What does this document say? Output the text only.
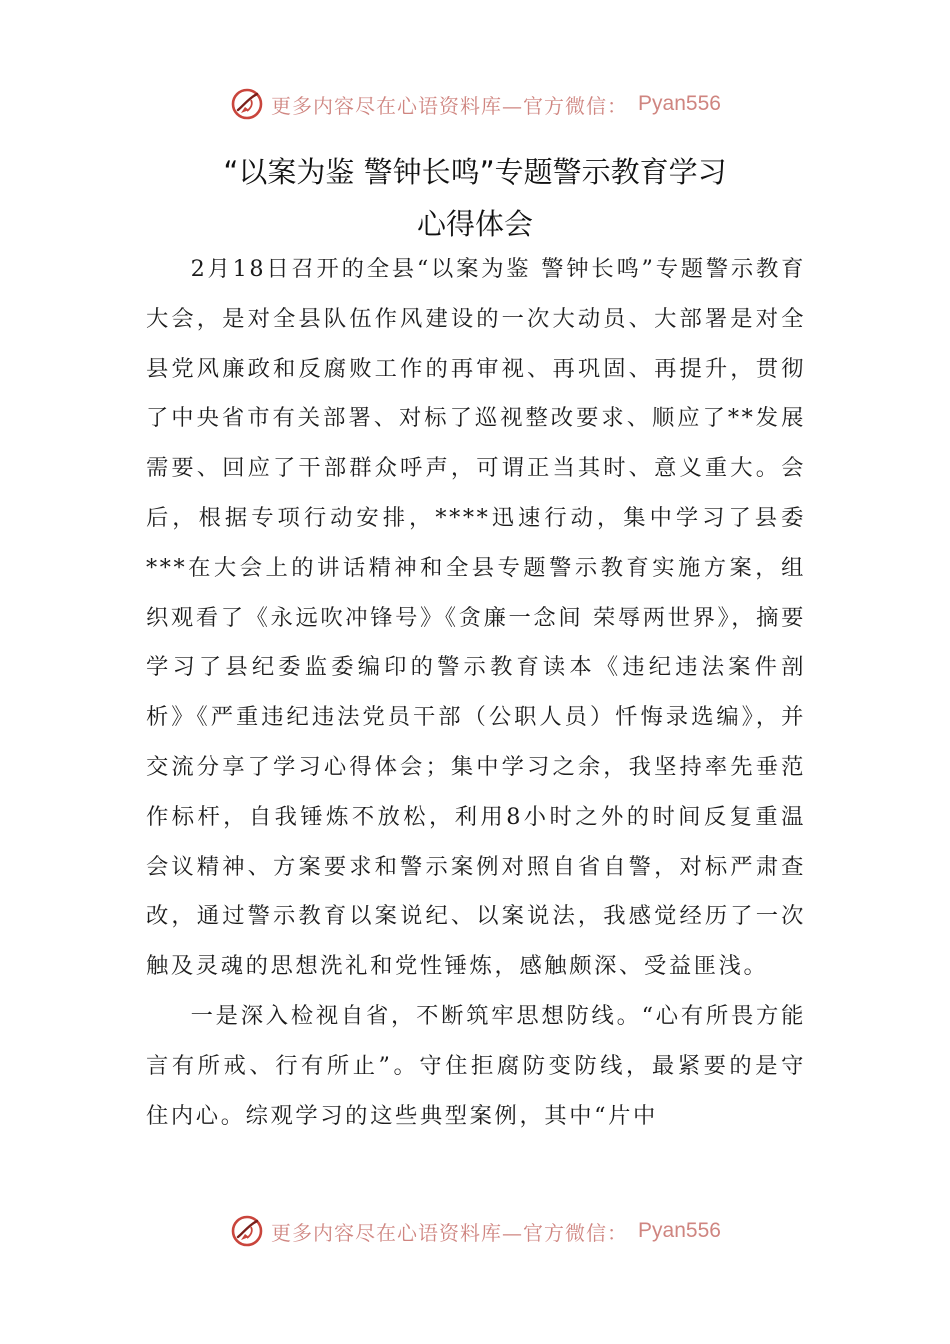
更多内容尽在心语资料库—官方微信： Pyan556
“以案为鉴 警钟长鸣”专题警示教育学习
心得体会

2月18日召开的全县“以案为鉴 警钟长鸣”专题警示教育大会，是对全县队伍作风建设的一次大动员、大部署是对全县党风廉政和反腐败工作的再审视、再巩固、再提升，贯彻了中央省市有关部署、对标了巡视整改要求、顺应了**发展需要、回应了干部群众呼声，可谓正当其时、意义重大。会后，根据专项行动安排，****迅速行动，集中学习了县委***在大会上的讲话精神和全县专题警示教育实施方案，组织观看了《永远吹冲锋号》《贪廉一念间 荣辱两世界》，摘要学习了县纪委监委编印的警示教育读本《违纪违法案件剖析》《严重违纪违法党员干部（公职人员）忏悔录选编》，并交流分享了学习心得体会；集中学习之余，我坚持率先垂范作标杆，自我锤炼不放松，利用8小时之外的时间反复重温会议精神、方案要求和警示案例对照自省自警，对标严肃查改，通过警示教育以案说纪、以案说法，我感觉经历了一次触及灵魂的思想洗礼和党性锤炼，感触颇深、受益匪浅。

一是深入检视自省，不断筑牢思想防线。“心有所畏方能言有所戒、行有所止”。守住拒腐防变防线，最紧要的是守住内心。综观学习的这些典型案例，其中“片中

更多内容尽在心语资料库—官方微信： Pyan556
